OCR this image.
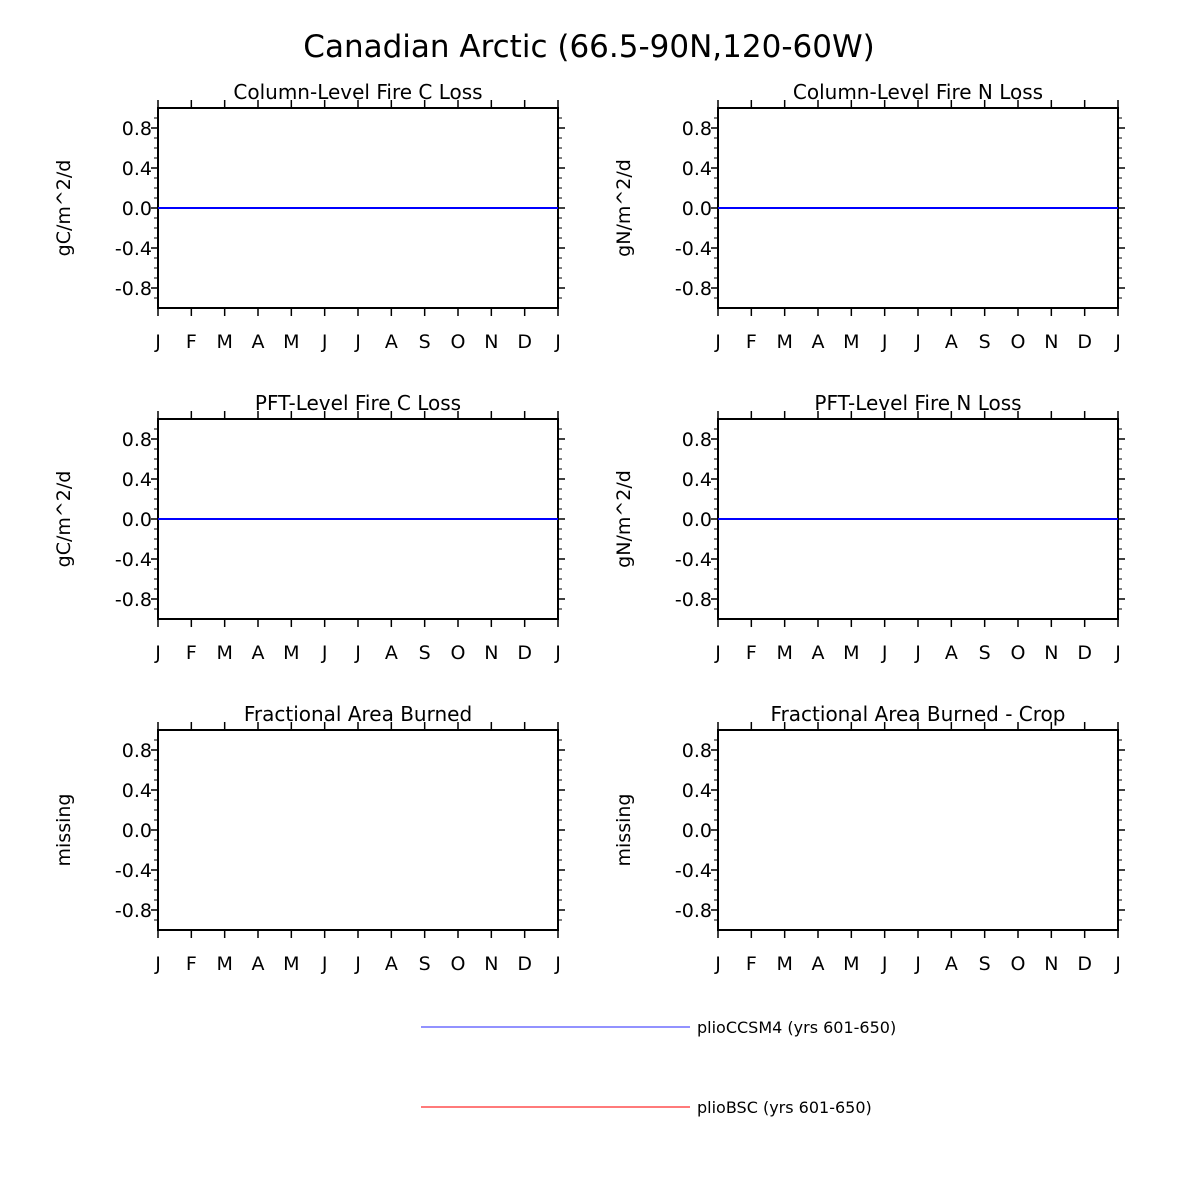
Canadian Arctic (66.5-90N,120-60W)
Column-Level Fire C Loss
0.8
0.4
0.0
-0.4
-0.8
J F M A M J J A S O N D J
gC/m^2/d
Column-Level Fire N Loss
0.8
0.4
0.0
-0.4
-0.8
J F M A M J J A S O N D J
gN/m^2/d
PFT-Level Fire C Loss
0.8
0.4
0.0
-0.4
-0.8
J F M A M J J A S O N D J
gC/m^2/d
PFT-Level Fire N Loss
0.8
0.4
0.0
-0.4
-0.8
J F M A M J J A S O N D J
gN/m^2/d
Fractional Area Burned
0.8
0.4
0.0
-0.4
-0.8
J F M A M J J A S O N D J
missing
Fractional Area Burned - Crop
0.8
0.4
0.0
-0.4
-0.8
J F M A M J J A S O N D J
missing
plioCCSM4 (yrs 601-650)
plioBSC (yrs 601-650)
